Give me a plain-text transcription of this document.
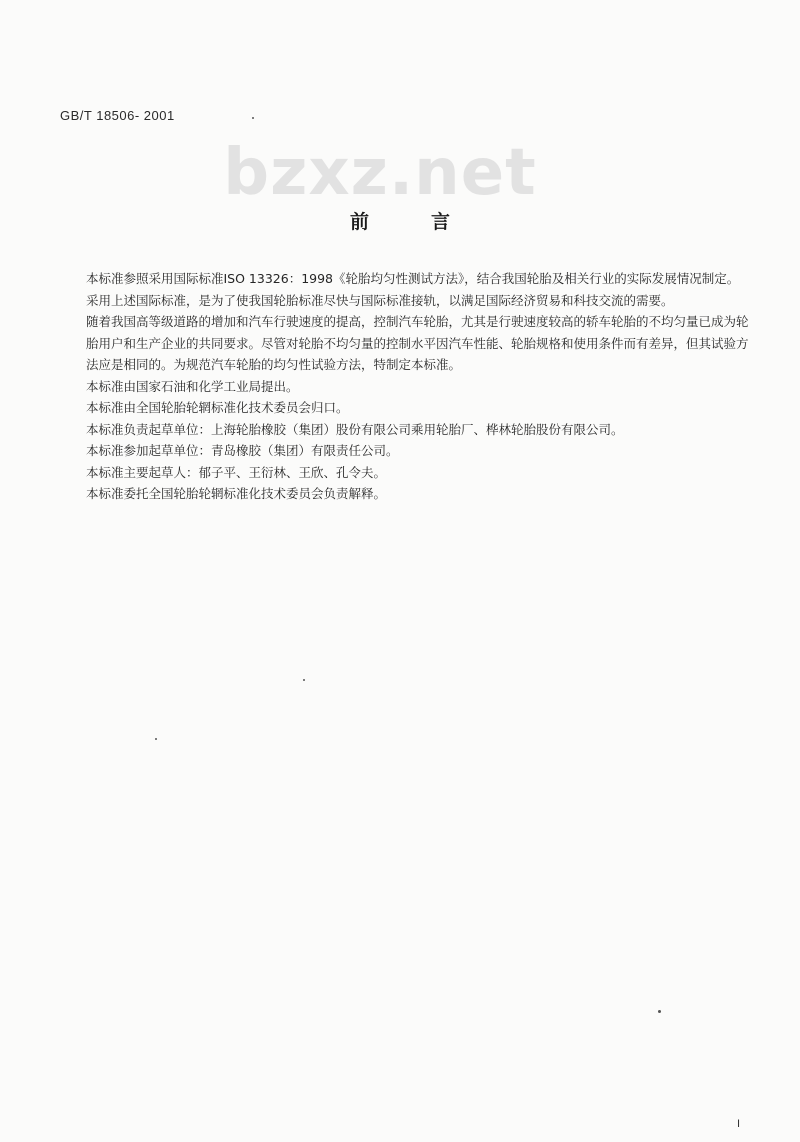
GB/T 18506- 2001
bzxz.net
前言

本标准参照采用国际标准ISO 13326：1998《轮胎均匀性测试方法》，结合我国轮胎及相关行业的实际发展情况制定。

采用上述国际标准，是为了使我国轮胎标准尽快与国际标准接轨，以满足国际经济贸易和科技交流的需要。

随着我国高等级道路的增加和汽车行驶速度的提高，控制汽车轮胎，尤其是行驶速度较高的轿车轮胎的不均匀量已成为轮胎用户和生产企业的共同要求。尽管对轮胎不均匀量的控制水平因汽车性能、轮胎规格和使用条件而有差异，但其试验方法应是相同的。为规范汽车轮胎的均匀性试验方法，特制定本标准。

本标准由国家石油和化学工业局提出。

本标准由全国轮胎轮辋标准化技术委员会归口。

本标准负责起草单位：上海轮胎橡胶（集团）股份有限公司乘用轮胎厂、桦林轮胎股份有限公司。

本标准参加起草单位：青岛橡胶（集团）有限责任公司。

本标准主要起草人：郁子平、王衍林、王欣、孔令夫。

本标准委托全国轮胎轮辋标准化技术委员会负责解释。

I
